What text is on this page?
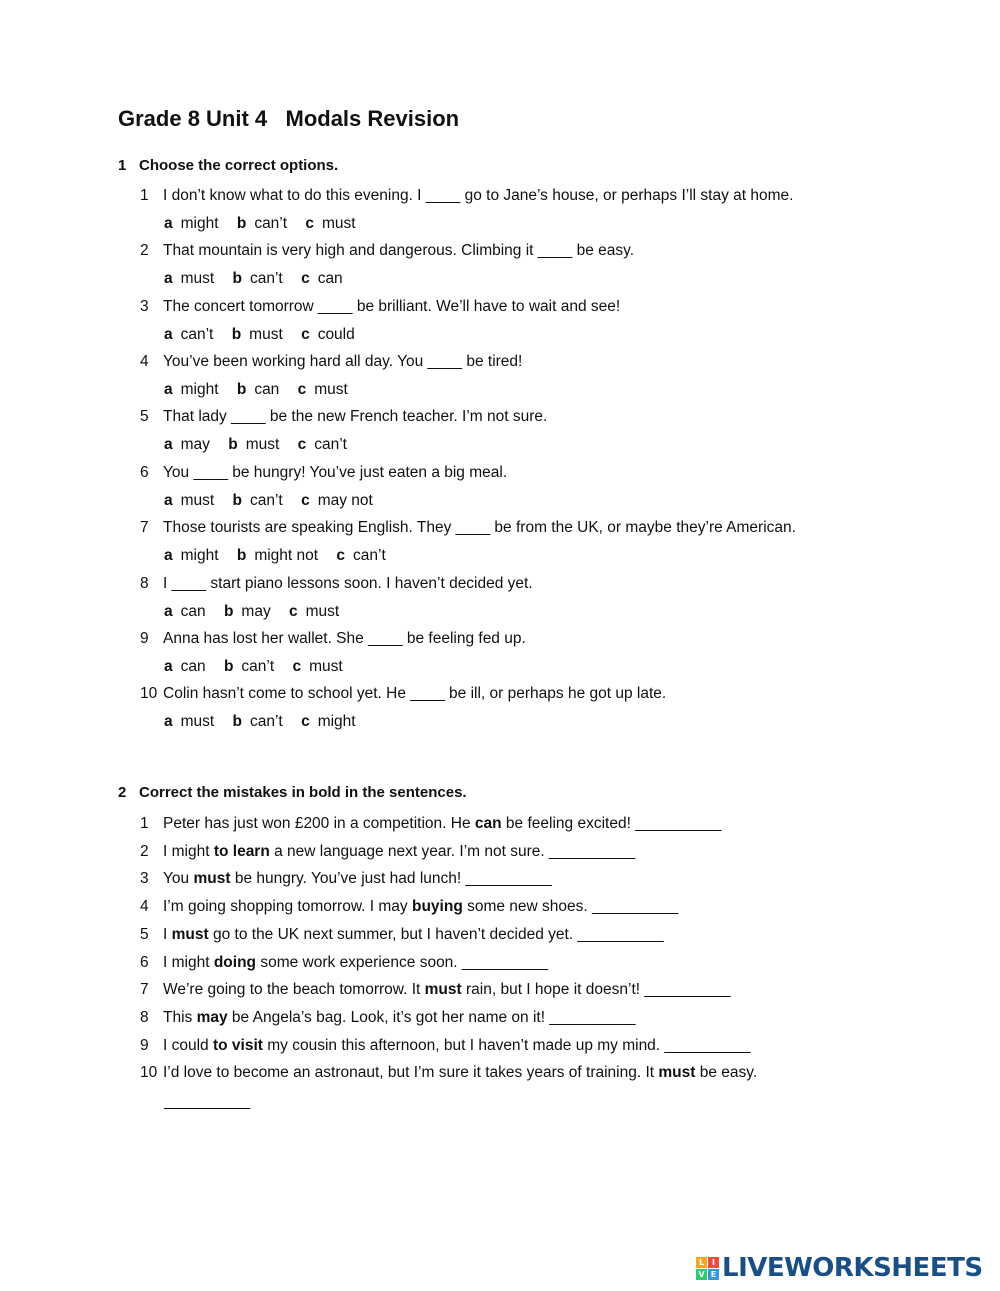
Grade 8 Unit 4   Modals Revision
1 Choose the correct options.
1 I don’t know what to do this evening. I ____ go to Jane’s house, or perhaps I’ll stay at home.
a might b can’t c must
2 That mountain is very high and dangerous. Climbing it ____ be easy.
a must b can’t c can
3 The concert tomorrow ____ be brilliant. We’ll have to wait and see!
a can’t b must c could
4 You’ve been working hard all day. You ____ be tired!
a might b can c must
5 That lady ____ be the new French teacher. I’m not sure.
a may b must c can’t
6 You ____ be hungry! You’ve just eaten a big meal.
a must b can’t c may not
7 Those tourists are speaking English. They ____ be from the UK, or maybe they’re American.
a might b might not c can’t
8 I ____ start piano lessons soon. I haven’t decided yet.
a can b may c must
9 Anna has lost her wallet. She ____ be feeling fed up.
a can b can’t c must
10 Colin hasn’t come to school yet. He ____ be ill, or perhaps he got up late.
a must b can’t c might
2 Correct the mistakes in bold in the sentences.
1 Peter has just won £200 in a competition. He can be feeling excited! __________
2 I might to learn a new language next year. I’m not sure. __________
3 You must be hungry. You’ve just had lunch! __________
4 I’m going shopping tomorrow. I may buying some new shoes. __________
5 I must go to the UK next summer, but I haven’t decided yet. __________
6 I might doing some work experience soon. __________
7 We’re going to the beach tomorrow. It must rain, but I hope it doesn’t! __________
8 This may be Angela’s bag. Look, it’s got her name on it! __________
9 I could to visit my cousin this afternoon, but I haven’t made up my mind. __________
10 I’d love to become an astronaut, but I’m sure it takes years of training. It must be easy.
__________
L I
V E LIVEWORKSHEETS
